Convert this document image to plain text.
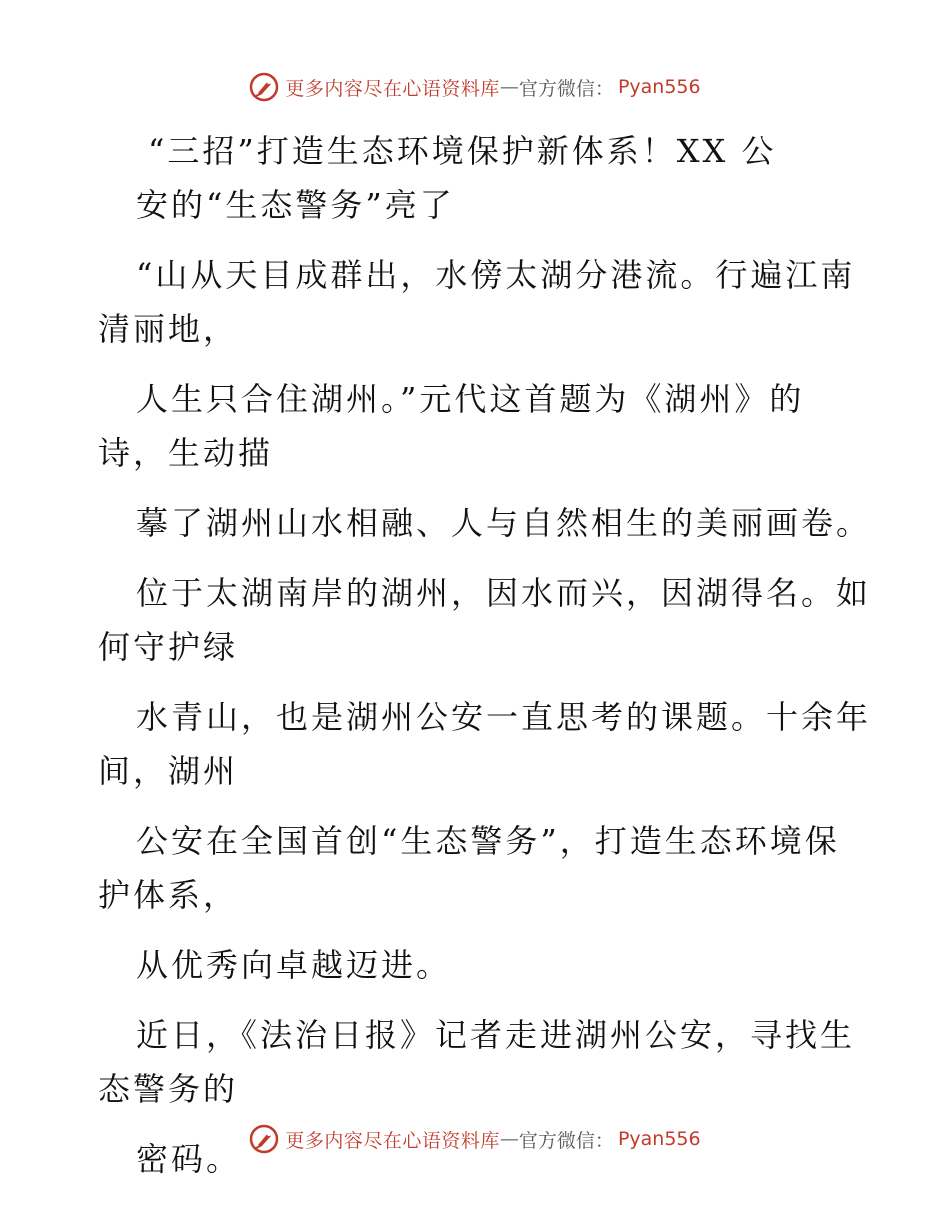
更多内容尽在心语资料库 — 官方微信： Pyan556
“三招”打造生态环境保护新体系！XX 公
安的“生态警务”亮了
“山从天目成群出，水傍太湖分港流。行遍江南
清丽地，
人生只合住湖州。”元代这首题为《湖州》的
诗，生动描
摹了湖州山水相融、人与自然相生的美丽画卷。
位于太湖南岸的湖州，因水而兴，因湖得名。如
何守护绿
水青山，也是湖州公安一直思考的课题。十余年
间，湖州
公安在全国首创“生态警务”，打造生态环境保
护体系，
从优秀向卓越迈进。
近日，《法治日报》记者走进湖州公安，寻找生
态警务的
密码。	更多内容尽在心语资料库 — 官方微信： Pyan556
